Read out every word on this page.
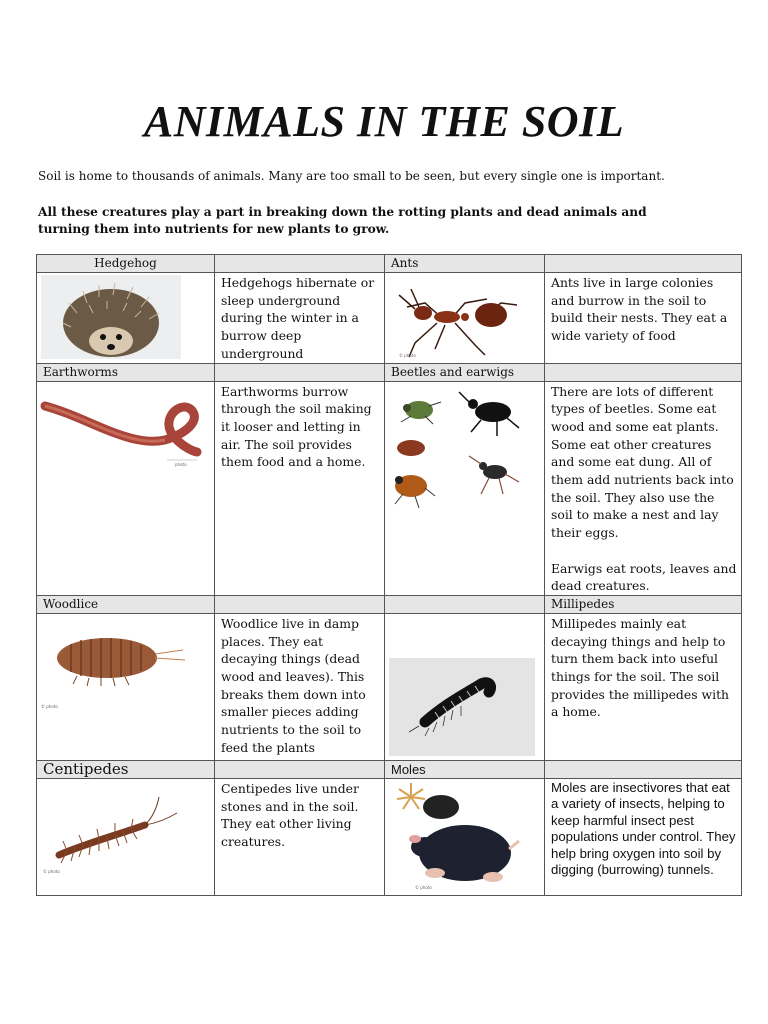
ANIMALS IN THE SOIL

Soil is home to thousands of animals. Many are too small to be seen, but every single one is important.

All these creatures play a part in breaking down the rotting plants and dead animals and turning them into nutrients for new plants to grow.

Hedgehog		Ants	

	Hedgehogs hibernate or sleep underground during the winter in a burrow deep underground	© photo	Ants live in large colonies and burrow in the soil to build their nests. They eat a wide variety of food
Earthworms		Beetles and earwigs	

photo	Earthworms burrow through the soil making it looser and letting in air. The soil provides them food and a home.		There are lots of different types of beetles. Some eat wood and some eat plants. Some eat other creatures and some eat dung. All of them add nutrients back into the soil. They also use the soil to make a nest and lay their eggs.

Earwigs eat roots, leaves and dead creatures.
Woodlice			Millipedes

© photo	Woodlice live in damp places. They eat decaying things (dead wood and leaves). This breaks them down into smaller pieces adding nutrients to the soil to feed the plants		Millipedes mainly eat decaying things and help to turn them back into useful things for the soil. The soil provides the millipedes with a home.
Centipedes		Moles	

© photo	Centipedes live under stones and in the soil. They eat other living creatures.	© photo	Moles are insectivores that eat a variety of insects, helping to keep harmful insect pest populations under control. They help bring oxygen into soil by digging (burrowing) tunnels.
